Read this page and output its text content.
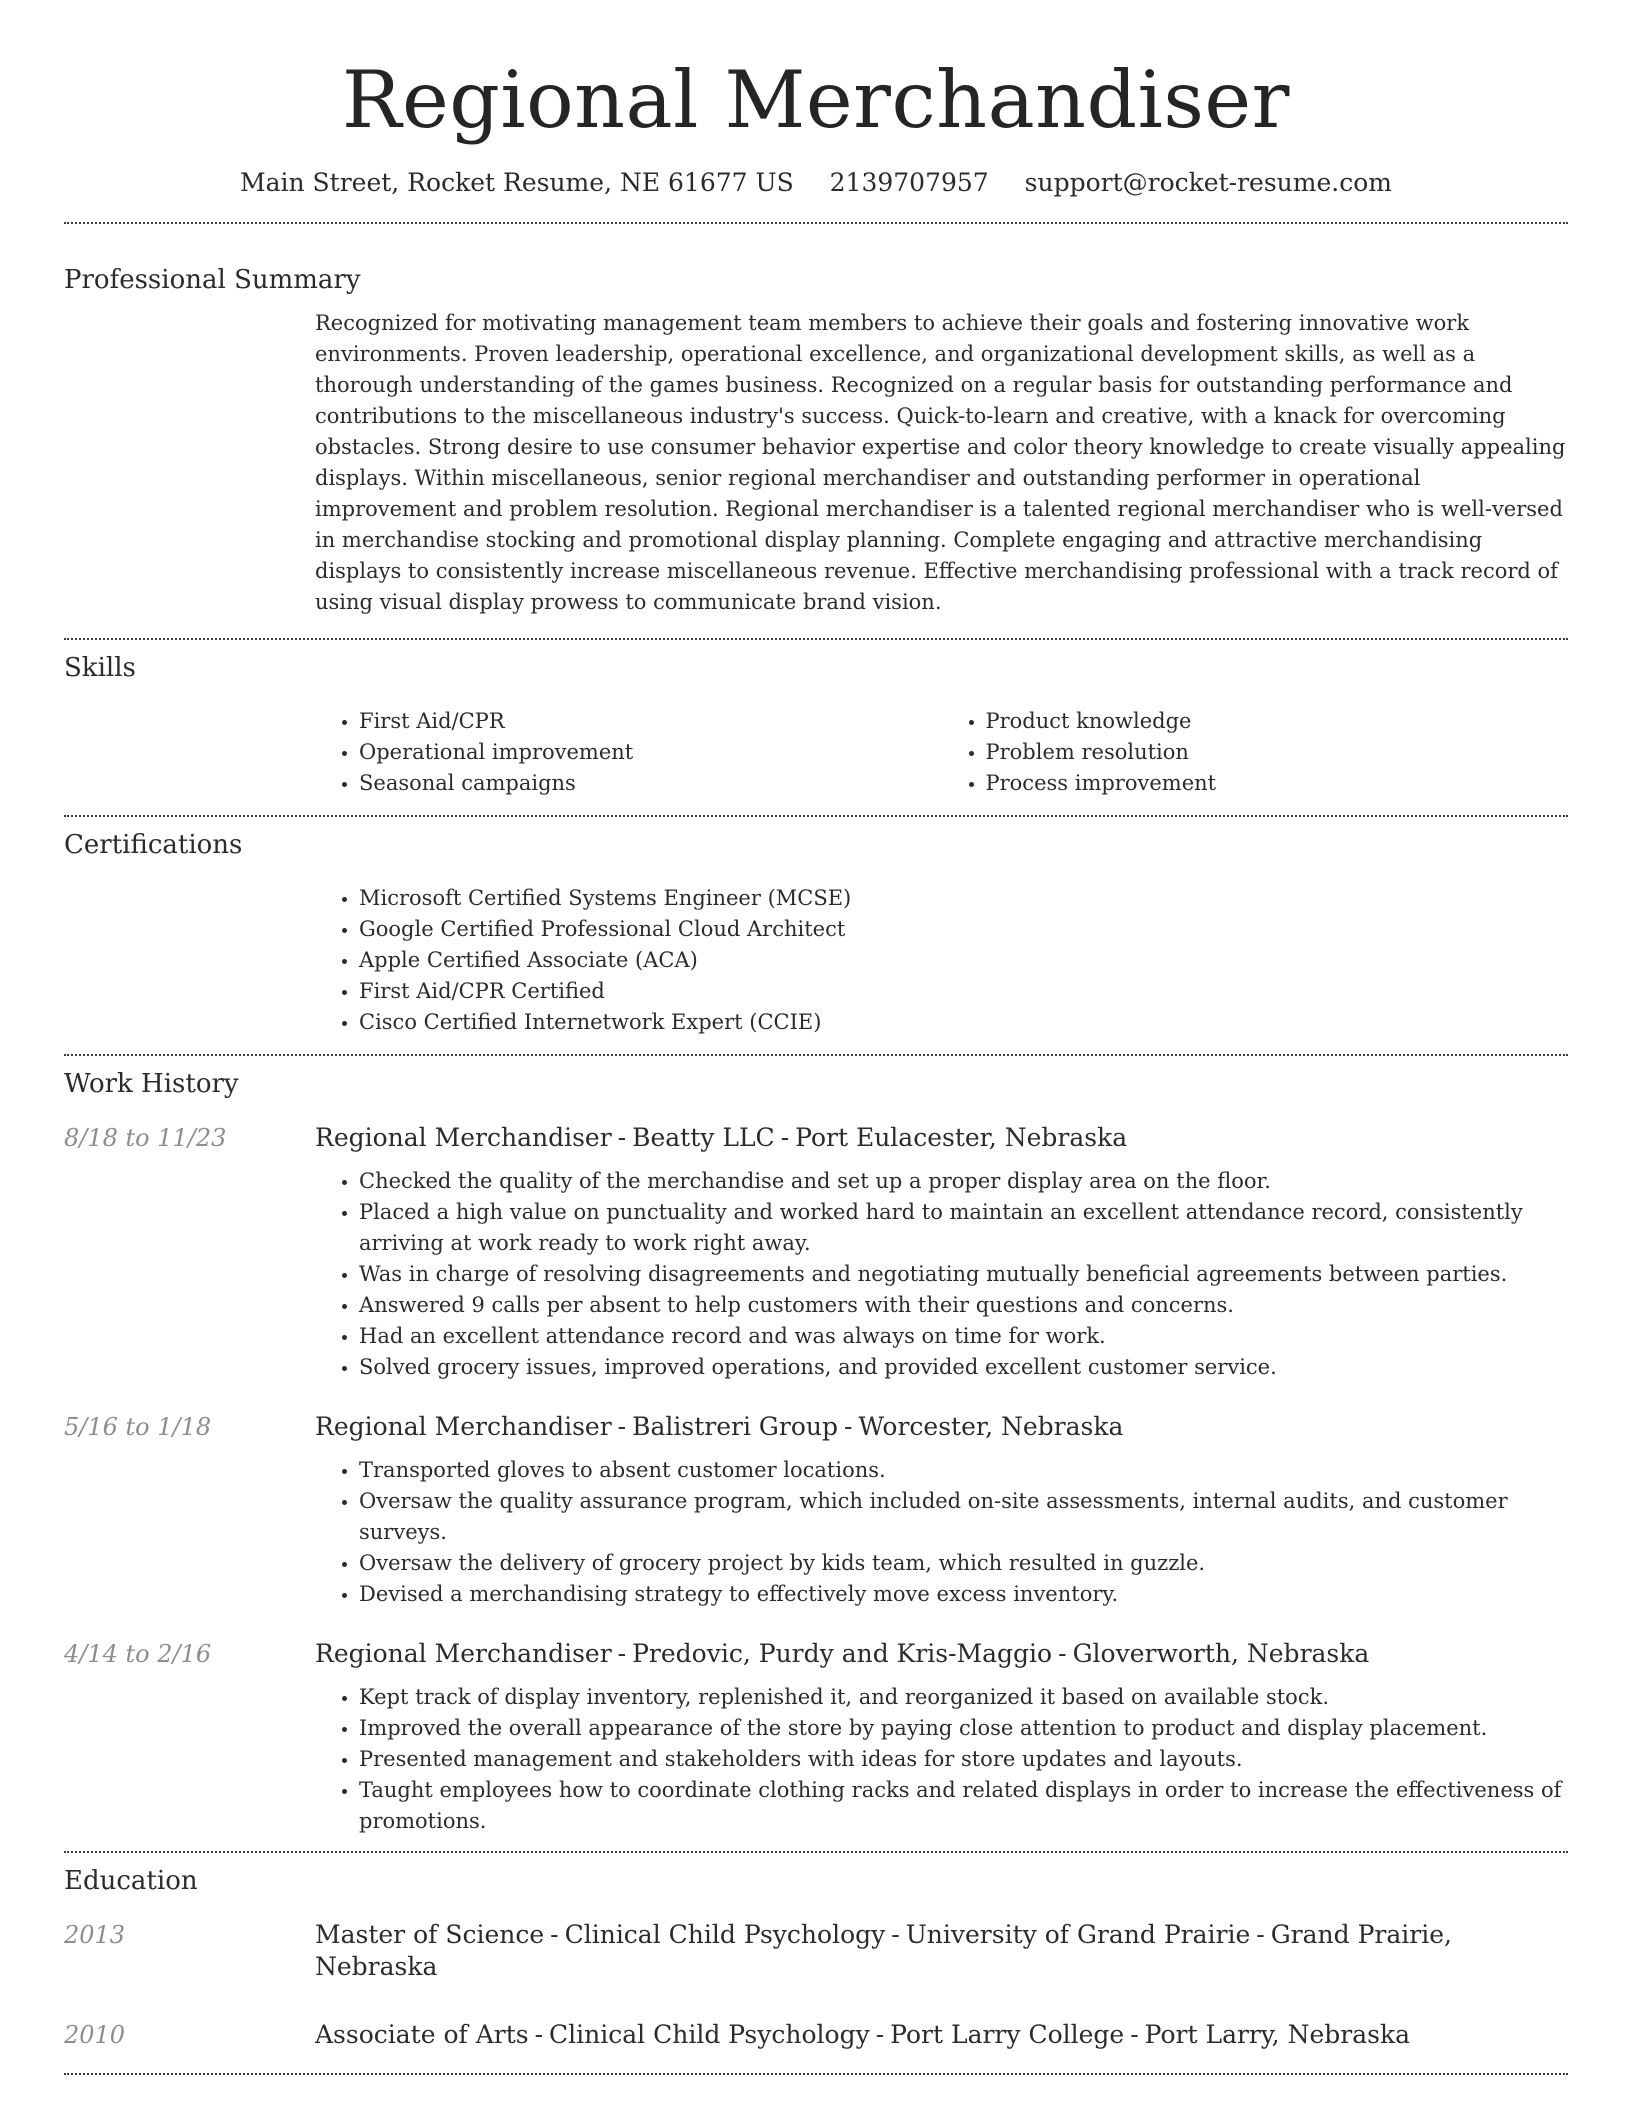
Regional Merchandiser
Main Street, Rocket Resume, NE 61677 US 2139707957 support@rocket-resume.com
Professional Summary

Recognized for motivating management team members to achieve their goals and fostering innovative work environments. Proven leadership, operational excellence, and organizational development skills, as well as a thorough understanding of the games business. Recognized on a regular basis for outstanding performance and contributions to the miscellaneous industry's success. Quick-to-learn and creative, with a knack for overcoming obstacles. Strong desire to use consumer behavior expertise and color theory knowledge to create visually appealing displays. Within miscellaneous, senior regional merchandiser and outstanding performer in operational improvement and problem resolution. Regional merchandiser is a talented regional merchandiser who is well-versed in merchandise stocking and promotional display planning. Complete engaging and attractive merchandising displays to consistently increase miscellaneous revenue. Effective merchandising professional with a track record of using visual display prowess to communicate brand vision.

Skills
• First Aid/CPR
• Operational improvement
• Seasonal campaigns
• Product knowledge
• Problem resolution
• Process improvement
Certifications
• Microsoft Certified Systems Engineer (MCSE)
• Google Certified Professional Cloud Architect
• Apple Certified Associate (ACA)
• First Aid/CPR Certified
• Cisco Certified Internetwork Expert (CCIE)
Work History
8/18 to 11/23	Regional Merchandiser - Beatty LLC - Port Eulacester, Nebraska
• Checked the quality of the merchandise and set up a proper display area on the floor.
• Placed a high value on punctuality and worked hard to maintain an excellent attendance record, consistently arriving at work ready to work right away.
• Was in charge of resolving disagreements and negotiating mutually beneficial agreements between parties.
• Answered 9 calls per absent to help customers with their questions and concerns.
• Had an excellent attendance record and was always on time for work.
• Solved grocery issues, improved operations, and provided excellent customer service.
5/16 to 1/18	Regional Merchandiser - Balistreri Group - Worcester, Nebraska
• Transported gloves to absent customer locations.
• Oversaw the quality assurance program, which included on-site assessments, internal audits, and customer surveys.
• Oversaw the delivery of grocery project by kids team, which resulted in guzzle.
• Devised a merchandising strategy to effectively move excess inventory.
4/14 to 2/16	Regional Merchandiser - Predovic, Purdy and Kris-Maggio - Gloverworth, Nebraska
• Kept track of display inventory, replenished it, and reorganized it based on available stock.
• Improved the overall appearance of the store by paying close attention to product and display placement.
• Presented management and stakeholders with ideas for store updates and layouts.
• Taught employees how to coordinate clothing racks and related displays in order to increase the effectiveness of promotions.
Education
2013	Master of Science - Clinical Child Psychology - University of Grand Prairie - Grand Prairie, Nebraska
2010	Associate of Arts - Clinical Child Psychology - Port Larry College - Port Larry, Nebraska
